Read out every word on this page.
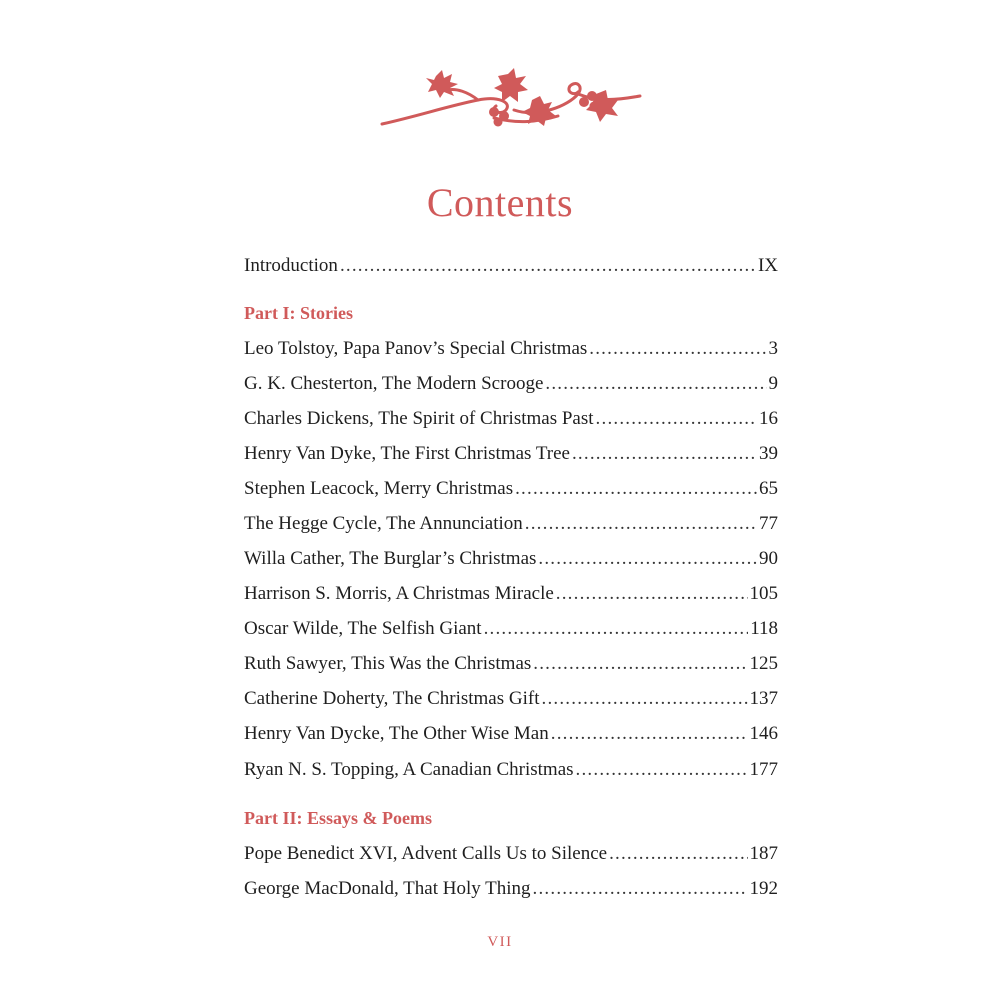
Contents
Introduction .....	IX
Part I: Stories
Leo Tolstoy, Papa Panov’s Special Christmas .....	3
G. K. Chesterton, The Modern Scrooge .....	9
Charles Dickens, The Spirit of Christmas Past .....	16
Henry Van Dyke, The First Christmas Tree .....	39
Stephen Leacock, Merry Christmas .....	65
The Hegge Cycle, The Annunciation .....	77
Willa Cather, The Burglar’s Christmas .....	90
Harrison S. Morris, A Christmas Miracle .....	105
Oscar Wilde, The Selfish Giant .....	118
Ruth Sawyer, This Was the Christmas .....	125
Catherine Doherty, The Christmas Gift .....	137
Henry Van Dycke, The Other Wise Man .....	146
Ryan N. S. Topping, A Canadian Christmas .....	177
Part II: Essays & Poems
Pope Benedict XVI, Advent Calls Us to Silence .....	187
George MacDonald, That Holy Thing .....	192
VII
